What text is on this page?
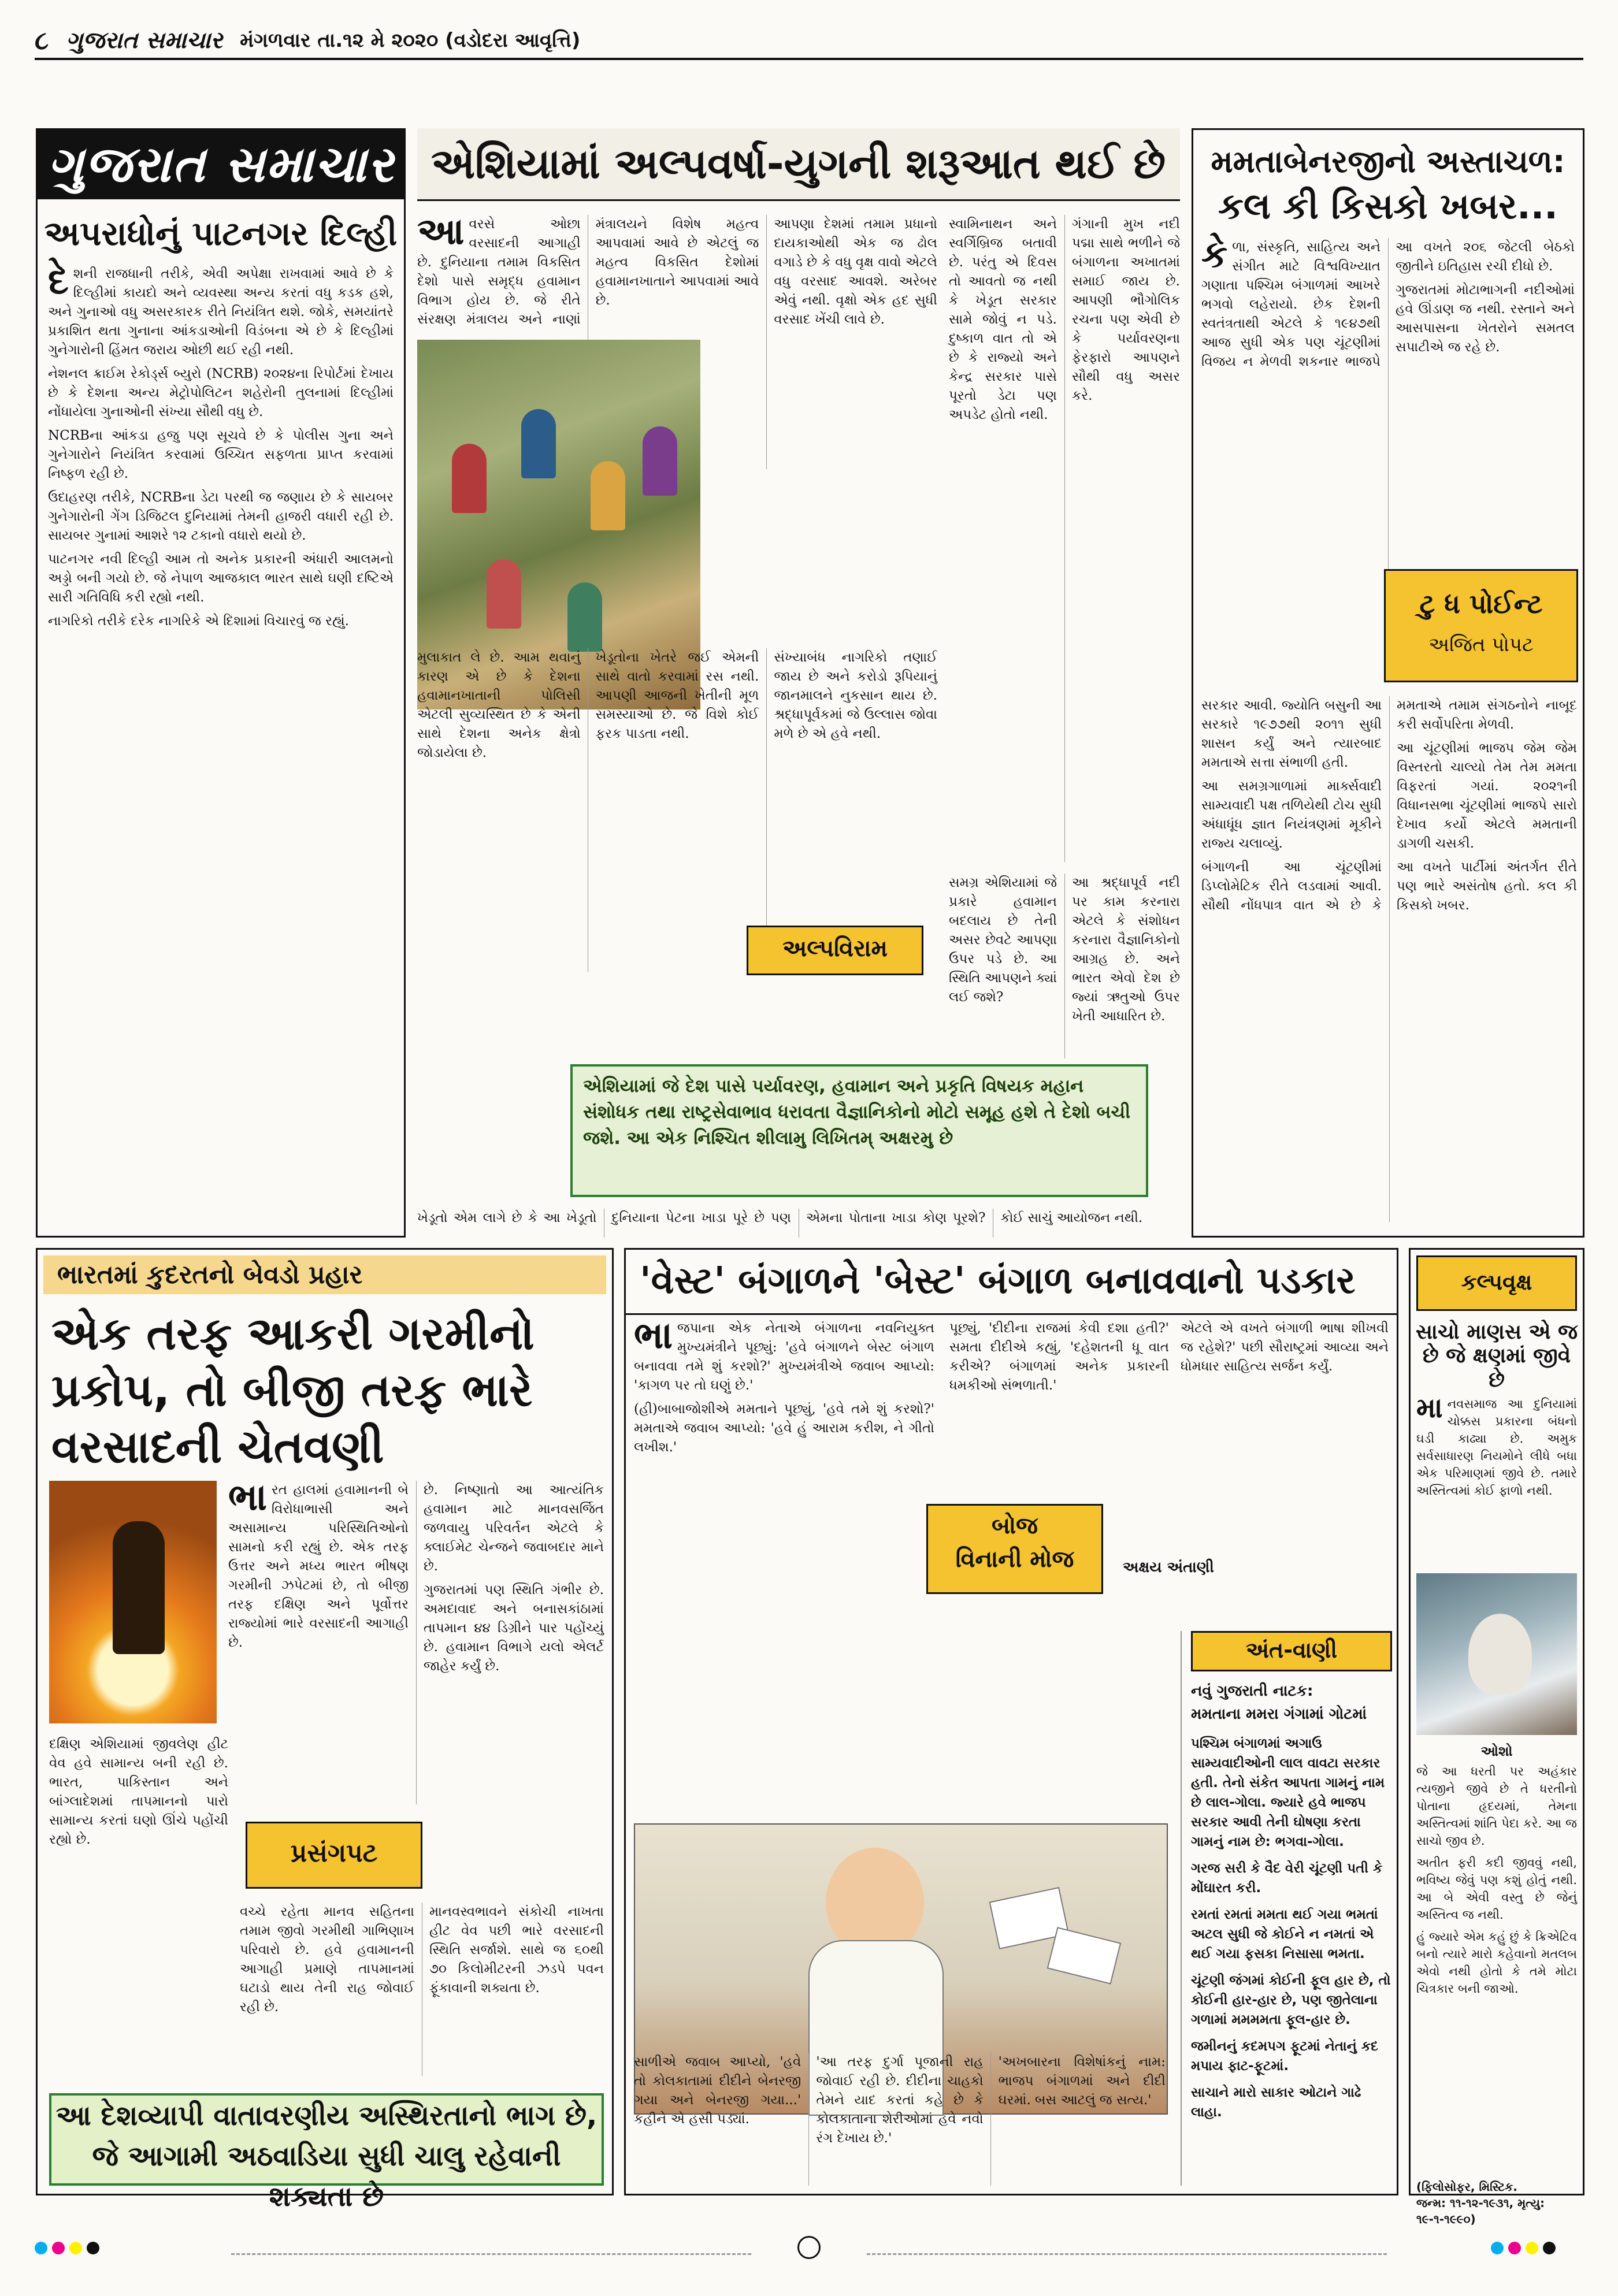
૮ ગુજરાત સમાચાર મંગળવાર તા.૧૨ મે ૨૦૨૦ (વડોદરા આવૃત્તિ)
ગુજરાત સમાચાર
અપરાધોનું પાટનગર દિલ્હી

દેશની રાજધાની તરીકે, એવી અપેક્ષા રાખવામાં આવે છે કે દિલ્હીમાં કાયદો અને વ્યવસ્થા અન્ય કરતાં વધુ કડક હશે, અને ગુનાઓ વધુ અસરકારક રીતે નિયંત્રિત થશે. જોકે, સમયાંતરે પ્રકાશિત થતા ગુનાના આંકડાઓની વિડંબના એ છે કે દિલ્હીમાં ગુનેગારોની હિંમત જરાય ઓછી થઈ રહી નથી.

નેશનલ ક્રાઈમ રેકોર્ડ્સ બ્યુરો (NCRB) ૨૦૨૪ના રિપોર્ટમાં દેખાય છે કે દેશના અન્ય મેટ્રોપોલિટન શહેરોની તુલનામાં દિલ્હીમાં નોંધાયેલા ગુનાઓની સંખ્યા સૌથી વધુ છે.

NCRBના આંકડા હજુ પણ સૂચવે છે કે પોલીસ ગુના અને ગુનેગારોને નિયંત્રિત કરવામાં ઉચ્ચિત સફળતા પ્રાપ્ત કરવામાં નિષ્ફળ રહી છે.

ઉદાહરણ તરીકે, NCRBના ડેટા પરથી જ જણાય છે કે સાયબર ગુનેગારોની ગેંગ ડિજિટલ દુનિયામાં તેમની હાજરી વધારી રહી છે. સાયબર ગુનામાં આશરે ૧૨ ટકાનો વધારો થયો છે.

પાટનગર નવી દિલ્હી આમ તો અનેક પ્રકારની અંધારી આલમનો અડ્ડો બની ગયો છે. જે નેપાળ આજકાલ ભારત સાથે ઘણી દષ્ટિએ સારી ગતિવિધિ કરી રહ્યો નથી.

નાગરિકો તરીકે દરેક નાગરિકે એ દિશામાં વિચારવું જ રહ્યું.

એશિયામાં અલ્પવર્ષા-યુગની શરૂઆત થઈ છે

આવરસે ઓછા વરસાદની આગાહી છે. દુનિયાના તમામ વિકસિત દેશો પાસે સમૃદ્ધ હવામાન વિભાગ હોય છે. જે રીતે સંરક્ષણ મંત્રાલય અને નાણાં મંત્રાલયને વિશેષ મહત્વ આપવામાં આવે છે એટલું જ મહત્વ વિકસિત દેશોમાં હવામાનખાતાને આપવામાં આવે છે.

આપણા દેશમાં તમામ પ્રધાનો દાયકાઓથી એક જ ઢોલ વગાડે છે કે વધુ વૃક્ષ વાવો એટલે વધુ વરસાદ આવશે. અરેબર એવું નથી. વૃક્ષો એક હદ સુધી વરસાદ ખેંચી લાવે છે.

સ્વામિનાથન અને સ્વર્ગિબ્રિજ બતાવી છે. પરંતુ એ દિવસ તો આવતો જ નથી કે ખેડૂત સરકાર સામે જોવું ન પડે. દુષ્કાળ વાત તો એ છે કે રાજ્યો અને કેન્દ્ર સરકાર પાસે પૂરતો ડેટા પણ અપડેટ હોતો નથી.

ગંગાની મુખ નદી પદ્મા સાથે ભળીને જે બંગાળના અખાતમાં સમાઈ જાય છે. આપણી ભૌગોલિક રચના પણ એવી છે કે પર્યાવરણના ફેરફારો આપણને સૌથી વધુ અસર કરે.

મુલાકાત લે છે. આમ થવાનું કારણ એ છે કે દેશના હવામાનખાતાની પોલિસી એટલી સુવ્યસ્થિત છે કે એની સાથે દેશના અનેક ક્ષેત્રો જોડાયેલા છે.

ખેડૂતોના ખેતરે જઈ એમની સાથે વાતો કરવામાં રસ નથી. આપણી આજની ખેતીની મૂળ સમસ્યાઓ છે. જે વિશે કોઈ ફરક પાડતા નથી.

સંખ્યાબંધ નાગરિકો તણાઈ જાય છે અને કરોડો રૂપિયાનું જાનમાલને નુકસાન થાય છે. શ્રદ્ધાપૂર્વકમાં જે ઉલ્લાસ જોવા મળે છે એ હવે નથી.

અલ્પવિરામ
એશિયામાં જે દેશ પાસે પર્યાવરણ, હવામાન અને પ્રકૃતિ વિષયક મહાન સંશોધક તથા રાષ્ટ્રસેવાભાવ ધરાવતા વૈજ્ઞાનિકોનો મોટો સમૂહ હશે તે દેશો બચી જશે. આ એક નિશ્ચિત શીલામુ લિખિતમ્ અક્ષરમુ છે

ખેડૂતો એમ લાગે છે કે આ ખેડૂતો દુનિયાના પેટના ખાડા પૂરે છે પણ એમના પોતાના ખાડા કોણ પૂરશે? કોઈ સાચું આયોજન નથી.

સમગ્ર એશિયામાં જે પ્રકારે હવામાન બદલાય છે તેની અસર છેવટે આપણા ઉપર પડે છે. આ સ્થિતિ આપણને ક્યાં લઈ જશે?

આ શ્રદ્ધાપૂર્વ નદી પર કામ કરનારા એટલે કે સંશોધન કરનારા વૈજ્ઞાનિકોનો આગ્રહ છે. અને ભારત એવો દેશ છે જ્યાં ઋતુઓ ઉપર ખેતી આધારિત છે.

મમતાબેનરજીનો અસ્તાચળ:
કલ કી કિસકો ખબર...

કેળા, સંસ્કૃતિ, સાહિત્ય અને સંગીત માટે વિશ્વવિખ્યાત ગણાતા પશ્ચિમ બંગાળમાં આખરે ભગવો લહેરાયો. છેક દેશની સ્વતંત્રતાથી એટલે કે ૧૯૪૭થી આજ સુધી એક પણ ચૂંટણીમાં વિજય ન મેળવી શકનાર ભાજપે આ વખતે ૨૦૬ જેટલી બેઠકો જીતીને ઇતિહાસ રચી દીધો છે.

ગુજરાતમાં મોટાભાગની નદીઓમાં હવે ઊંડાણ જ નથી. રસ્તાને અને આસપાસના ખેતરોને સમતલ સપાટીએ જ રહે છે.

ટુ ધ પોઈન્ટ
અજિત પોપટ

સરકાર આવી. જ્યોતિ બસુની આ સરકારે ૧૯૭૭થી ૨૦૧૧ સુધી શાસન કર્યું અને ત્યારબાદ મમતાએ સત્તા સંભાળી હતી.

આ સમગ્રગાળામાં માર્ક્સવાદી સામ્યવાદી પક્ષ તળિયેથી ટોચ સુધી અંધાધૂંધ જ્ઞાત નિયંત્રણમાં મૂકીને રાજ્ય ચલાવ્યું.

બંગાળની આ ચૂંટણીમાં ડિપ્લોમેટિક રીતે લડવામાં આવી. સૌથી નોંધપાત્ર વાત એ છે કે મમતાએ તમામ સંગઠનોને નાબૂદ કરી સર્વોપરિતા મેળવી.

આ ચૂંટણીમાં ભાજપ જેમ જેમ વિસ્તરતો ચાલ્યો તેમ તેમ મમતા વિફરતાં ગયાં. ૨૦૨૧ની વિધાનસભા ચૂંટણીમાં ભાજપે સારો દેખાવ કર્યો એટલે મમતાની ડાગળી ચસકી.

આ વખતે પાર્ટીમાં અંતર્ગત રીતે પણ ભારે અસંતોષ હતો. કલ કી કિસકો ખબર.

ભારતમાં કુદરતનો બેવડો પ્રહાર
એક તરફ આકરી ગરમીનો પ્રકોપ, તો બીજી તરફ ભારે વરસાદની ચેતવણી

ભારત હાલમાં હવામાનની બે વિરોધાભાસી અને અસામાન્ય પરિસ્થિતિઓનો સામનો કરી રહ્યું છે. એક તરફ ઉત્તર અને મધ્ય ભારત ભીષણ ગરમીની ઝપેટમાં છે, તો બીજી તરફ દક્ષિણ અને પૂર્વોત્તર રાજ્યોમાં ભારે વરસાદની આગાહી છે.

છે. નિષ્ણાતો આ આત્યંતિક હવામાન માટે માનવસર્જિત જળવાયુ પરિવર્તન એટલે કે ક્લાઈમેટ ચેન્જને જવાબદાર માને છે.

ગુજરાતમાં પણ સ્થિતિ ગંભીર છે. અમદાવાદ અને બનાસકાંઠામાં તાપમાન ૪૪ ડિગ્રીને પાર પહોંચ્યું છે. હવામાન વિભાગે યલો એલર્ટ જાહેર કર્યું છે.

પ્રસંગપટ

દક્ષિણ એશિયામાં જીવલેણ હીટ વેવ હવે સામાન્ય બની રહી છે. ભારત, પાકિસ્તાન અને બાંગ્લાદેશમાં તાપમાનનો પારો સામાન્ય કરતાં ઘણો ઊંચે પહોંચી રહ્યો છે.

વચ્ચે રહેતા માનવ સહિતના તમામ જીવો ગરમીથી ગાભિણાખ પરિવારો છે. હવે હવામાનની આગાહી પ્રમાણે તાપમાનમાં ઘટાડો થાય તેની રાહ જોવાઈ રહી છે.

માનવસ્વભાવને સંકોચી નાખતા હીટ વેવ પછી ભારે વરસાદની સ્થિતિ સર્જાશે. સાથે જ ૬૦થી ૭૦ કિલોમીટરની ઝડપે પવન ફૂંકાવાની શક્યતા છે.

આ દેશવ્યાપી વાતાવરણીય અસ્થિરતાનો ભાગ છે, જે આગામી અઠવાડિયા સુધી ચાલુ રહેવાની શક્યતા છે
'વેસ્ટ' બંગાળને 'બેસ્ટ' બંગાળ બનાવવાનો પડકાર

ભાજપાના એક નેતાએ બંગાળના નવનિયુક્ત મુખ્યમંત્રીને પૂછ્યું: 'હવે બંગાળને બેસ્ટ બંગાળ બનાવવા તમે શું કરશો?' મુખ્યમંત્રીએ જવાબ આપ્યો: 'કાગળ પર તો ઘણું છે.'

(હી)બાબાજોશીએ મમતાને પૂછ્યું, 'હવે તમે શું કરશો?' મમતાએ જવાબ આપ્યો: 'હવે હું આરામ કરીશ, ને ગીતો લખીશ.'

પૂછ્યું, 'દીદીના રાજમાં કેવી દશા હતી?' સમતા દીદીએ કહ્યું, 'દહેશતની ધૂ વાત કરીએ? બંગાળમાં અનેક પ્રકારની ધમકીઓ સંભળાતી.'

બોજ
વિનાની મોજ	અક્ષય અંતાણી

સાળીએ જવાબ આપ્યો, 'હવે તો કોલકાતામાં દીદીને બેનરજી ગયા અને બેનરજી ગયા...' કહીને એ હસી પડ્યાં.

'આ તરફ દુર્ગા પૂજાની રાહ જોવાઈ રહી છે. દીદીના ચાહકો તેમને યાદ કરતાં કહે છે કે કોલકાતાના શેરીઓમાં હવે નવો રંગ દેખાય છે.'

'અખબારના વિશેષાંકનું નામ: ભાજપ બંગાળમાં અને દીદી ઘરમાં. બસ આટલું જ સત્ય.'

એટલે એ વખતે બંગાળી ભાષા શીખવી જ રહેશે?' પછી સૌરાષ્ટ્રમાં આવ્યા અને ધોમધાર સાહિત્ય સર્જન કર્યું.

અંત-વાણી
નવું ગુજરાતી નાટક:
મમતાના મમરા ગંગામાં ગોટમાં
પશ્ચિમ બંગાળમાં અગાઉ સામ્યવાદીઓની લાલ વાવટા સરકાર હતી. તેનો સંકેત આપતા ગામનું નામ છે લાલ-ગોલા. જ્યારે હવે ભાજપ સરકાર આવી તેની ઘોષણા કરતા ગામનું નામ છે: ભગવા-ગોલા.
ગરજ સરી કે વૈદ વેરી ચૂંટણી પતી કે મોંઘારત કરી.
રમતાં રમતાં મમતા થઈ ગયા ભમતાં અટલ સુધી જે કોઈને ન નમતાં એ થઈ ગયા ફસકા નિસાસા ભમતા.
ચૂંટણી જંગમાં કોઈની ફૂલ હાર છે, તો કોઈની હાર-હાર છે, પણ જીતેલાના ગળામાં મમમમતા ફૂલ-હાર છે.
જમીનનું કદમપગ ફૂટમાં નેતાનું કદ મપાય ફાટ-ફૂટમાં.
સાચાને મારો સાકાર ઓટાને ગાઢે લાહા.
કલ્પવૃક્ષ
સાચો માણસ એ જ છે જે ક્ષણમાં જીવે છે

માનવસમાજ આ દુનિયામાં ચોક્કસ પ્રકારના બંધનો ઘડી કાઢ્યા છે. અમુક સર્વસાધારણ નિયમોને લીધે બધા એક પરિમાણમાં જીવે છે. તમારે અસ્તિત્વમાં કોઈ ફાળો નથી.

ઓશો

જે આ ધરતી પર અહંકાર ત્યજીને જીવે છે તે ધરતીનો પોતાના હૃદયમાં, તેમના અસ્તિત્વમાં શાંતિ પેદા કરે. આ જ સાચો જીવ છે.

અતીત ફરી કદી જીવવું નથી, ભવિષ્ય જેવું પણ કશું હોતું નથી. આ બે એવી વસ્તુ છે જેનું અસ્તિત્વ જ નથી.

હું જ્યારે એમ કહું છું કે ક્રિએટિવ બનો ત્યારે મારો કહેવાનો મતલબ એવો નથી હોતો કે તમે મોટા ચિત્રકાર બની જાઓ.

(ફિલોસોફર, મિસ્ટિક.
જન્મ: ૧૧-૧૨-૧૯૩૧, મૃત્યુ: ૧૯-૧-૧૯૯૦)
